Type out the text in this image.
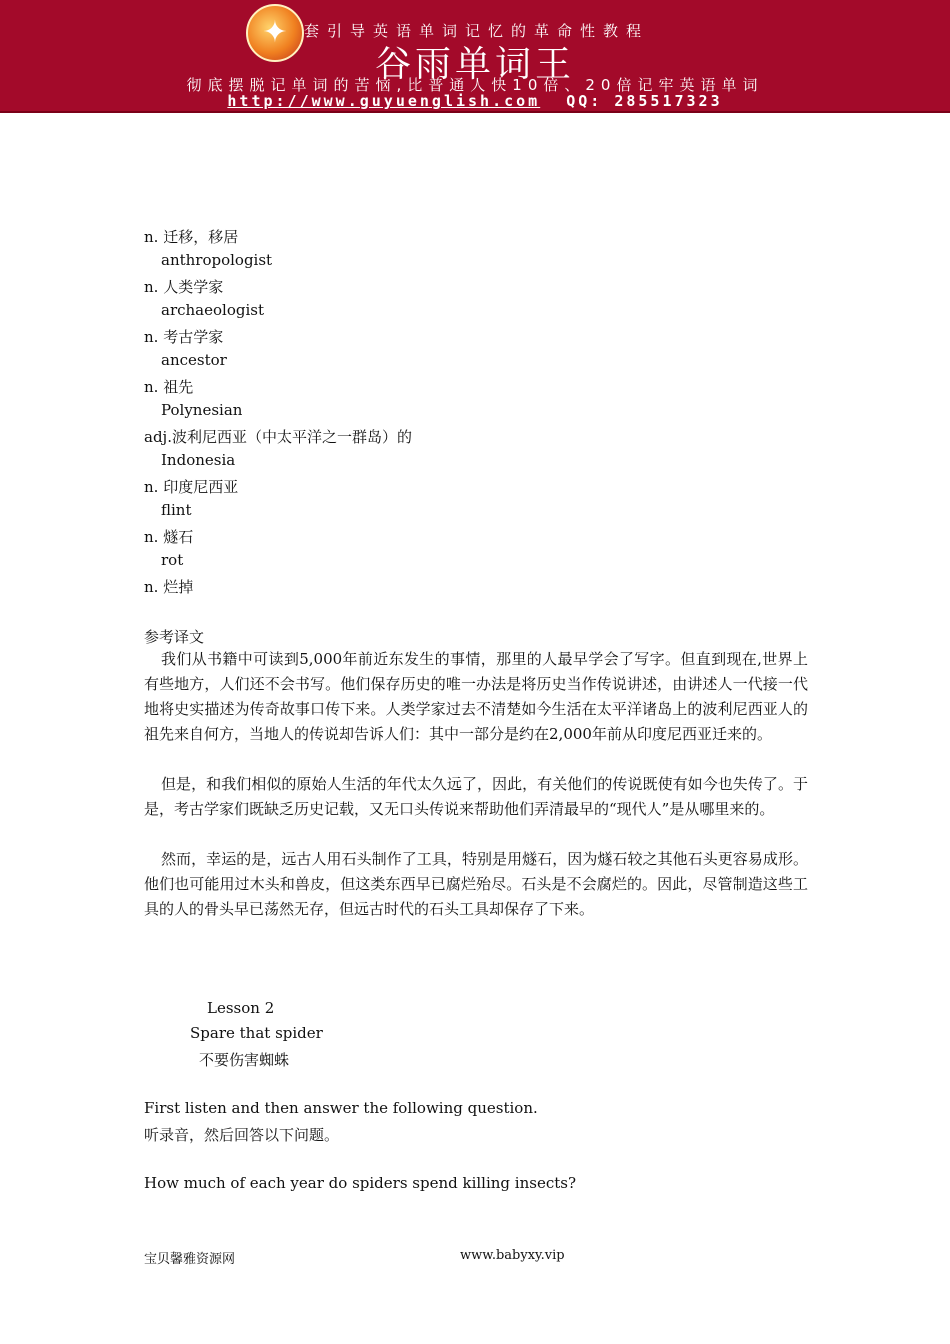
✦	套引导英语单词记忆的革命性教程
谷雨单词王
彻底摆脱记单词的苦恼,比普通人快10倍、20倍记牢英语单词
http://www.guyuenglish.com QQ: 285517323
n. 迁移，移居
anthropologist
n. 人类学家
archaeologist
n. 考古学家
ancestor
n. 祖先
Polynesian
adj.波利尼西亚（中太平洋之一群岛）的
Indonesia
n. 印度尼西亚
flint
n. 燧石
rot
n. 烂掉
参考译文
我们从书籍中可读到5,000年前近东发生的事情，那里的人最早学会了写字。但直到现在,世界上有些地方，人们还不会书写。他们保存历史的唯一办法是将历史当作传说讲述，由讲述人一代接一代地将史实描述为传奇故事口传下来。人类学家过去不清楚如今生活在太平洋诸岛上的波利尼西亚人的祖先来自何方，当地人的传说却告诉人们：其中一部分是约在2,000年前从印度尼西亚迁来的。
但是，和我们相似的原始人生活的年代太久远了，因此，有关他们的传说既使有如今也失传了。于是，考古学家们既缺乏历史记载，又无口头传说来帮助他们弄清最早的“现代人”是从哪里来的。
然而，幸运的是，远古人用石头制作了工具，特别是用燧石，因为燧石较之其他石头更容易成形。他们也可能用过木头和兽皮，但这类东西早已腐烂殆尽。石头是不会腐烂的。因此，尽管制造这些工具的人的骨头早已荡然无存，但远古时代的石头工具却保存了下来。
Lesson 2
Spare that spider
不要伤害蜘蛛
First listen and then answer the following question.
听录音，然后回答以下问题。
How much of each year do spiders spend killing insects?
宝贝馨雅资源网	www.babyxy.vip
